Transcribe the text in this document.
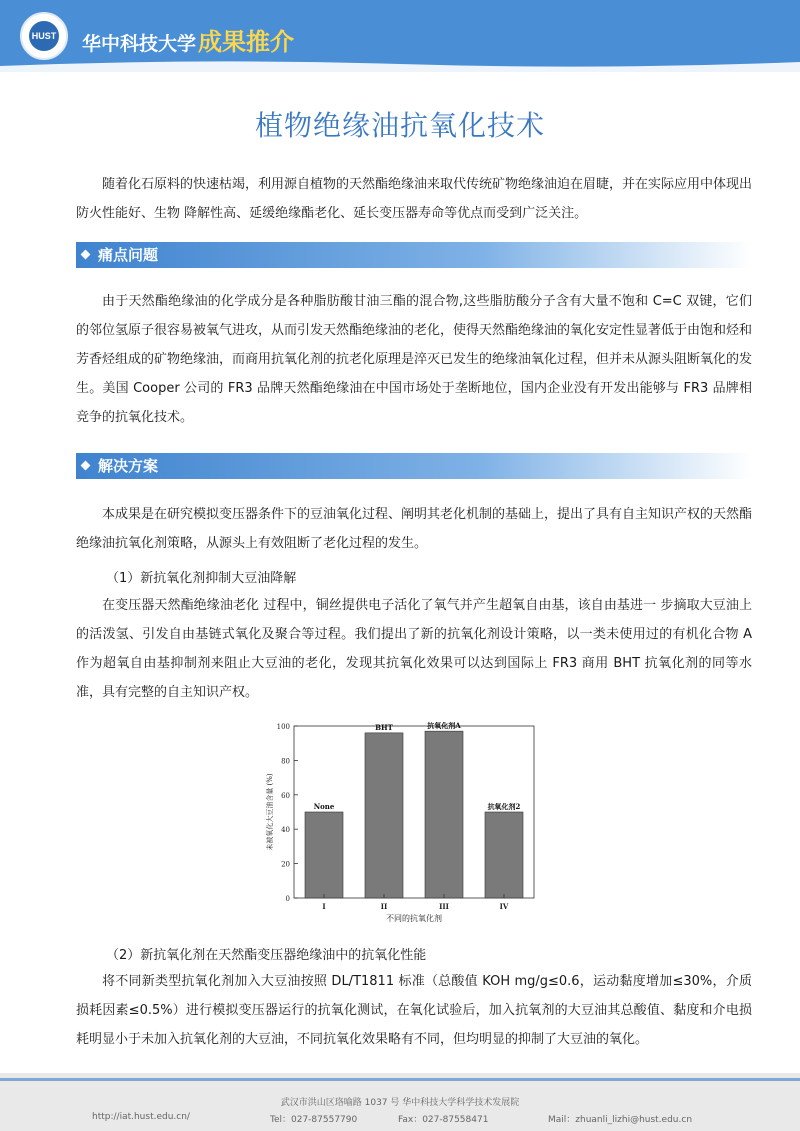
HUST 华中科技大学成果推介
植物绝缘油抗氧化技术

随着化石原料的快速枯竭，利用源自植物的天然酯绝缘油来取代传统矿物绝缘油迫在眉睫，并在实际应用中体现出防火性能好、生物 降解性高、延缓绝缘酯老化、延长变压器寿命等优点而受到广泛关注。

痛点问题

由于天然酯绝缘油的化学成分是各种脂肪酸甘油三酯的混合物,这些脂肪酸分子含有大量不饱和 C=C 双键，它们的邻位氢原子很容易被氧气进攻，从而引发天然酯绝缘油的老化，使得天然酯绝缘油的氧化安定性显著低于由饱和烃和芳香烃组成的矿物绝缘油，而商用抗氧化剂的抗老化原理是淬灭已发生的绝缘油氧化过程，但并未从源头阻断氧化的发生。美国 Cooper 公司的 FR3 品牌天然酯绝缘油在中国市场处于垄断地位，国内企业没有开发出能够与 FR3 品牌相竞争的抗氧化技术。

解决方案

本成果是在研究模拟变压器条件下的豆油氧化过程、阐明其老化机制的基础上，提出了具有自主知识产权的天然酯绝缘油抗氧化剂策略，从源头上有效阻断了老化过程的发生。

（1）新抗氧化剂抑制大豆油降解

在变压器天然酯绝缘油老化 过程中，铜丝提供电子活化了氧气并产生超氧自由基，该自由基进一 步摘取大豆油上的活泼氢、引发自由基链式氧化及聚合等过程。我们提出了新的抗氧化剂设计策略，以一类未使用过的有机化合物 A 作为超氧自由基抑制剂来阻止大豆油的老化，发现其抗氧化效果可以达到国际上 FR3 商用 BHT 抗氧化剂的同等水准，具有完整的自主知识产权。

0
20
40
60
80
100
None
I
BHT
II
抗氧化剂A
III
抗氧化剂2
IV
不同的抗氧化剂
未被氧化大豆油含量 (%)

（2）新抗氧化剂在天然酯变压器绝缘油中的抗氧化性能

将不同新类型抗氧化剂加入大豆油按照 DL/T1811 标准（总酸值 KOH mg/g≤0.6，运动黏度增加≤30%，介质损耗因素≤0.5%）进行模拟变压器运行的抗氧化测试，在氧化试验后，加入抗氧剂的大豆油其总酸值、黏度和介电损耗明显小于未加入抗氧化剂的大豆油，不同抗氧化效果略有不同，但均明显的抑制了大豆油的氧化。

武汉市洪山区珞喻路 1037 号 华中科技大学科学技术发展院
http://iat.hust.edu.cn/	Tel：027-87557790	Fax：027-87558471	Mail：zhuanli_lizhi@hust.edu.cn
